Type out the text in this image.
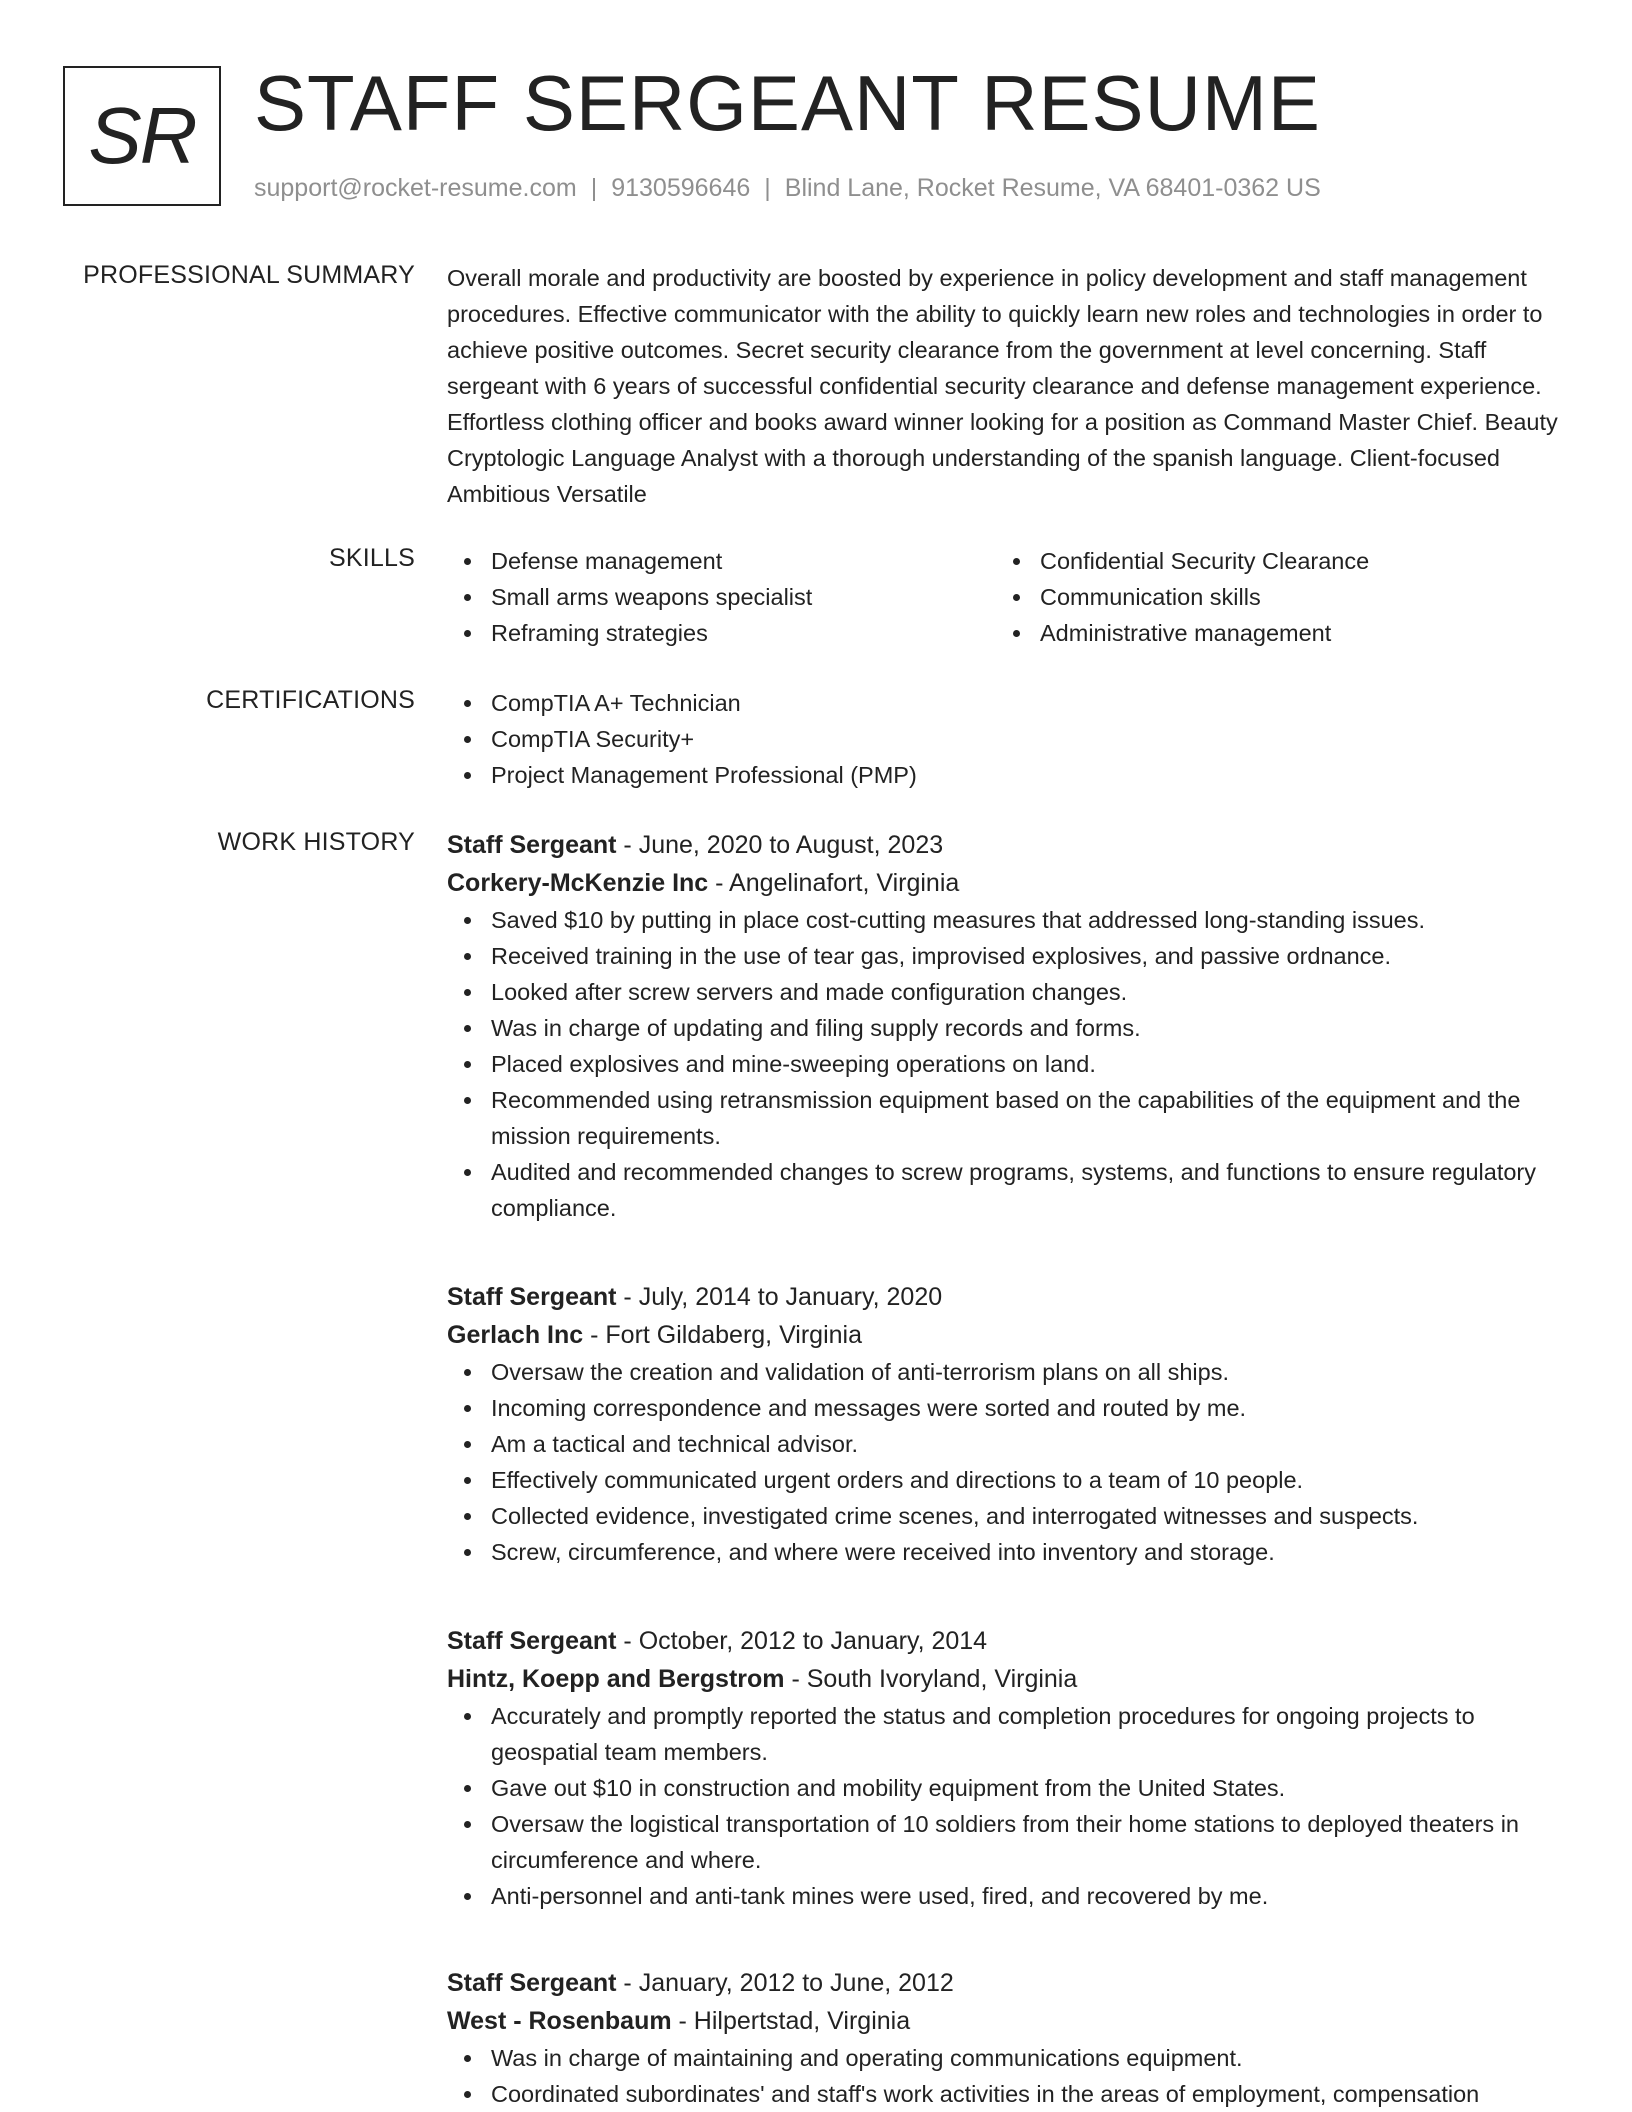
SR STAFF SERGEANT RESUME
support@rocket-resume.com | 9130596646 | Blind Lane, Rocket Resume, VA 68401-0362 US
PROFESSIONAL SUMMARY Overall morale and productivity are boosted by experience in policy development and staff management procedures. Effective communicator with the ability to quickly learn new roles and technologies in order to achieve positive outcomes. Secret security clearance from the government at level concerning. Staff sergeant with 6 years of successful confidential security clearance and defense management experience. Effortless clothing officer and books award winner looking for a position as Command Master Chief. Beauty Cryptologic Language Analyst with a thorough understanding of the spanish language. Client-focused Ambitious Versatile

SKILLS	Defense management
Small arms weapons specialist
Reframing strategies
Confidential Security Clearance
Communication skills
Administrative management
CERTIFICATIONS	CompTIA A+ Technician
CompTIA Security+
Project Management Professional (PMP)
WORK HISTORY Staff Sergeant - June, 2020 to August, 2023
Corkery-McKenzie Inc - Angelinafort, Virginia
Saved $10 by putting in place cost-cutting measures that addressed long-standing issues.
Received training in the use of tear gas, improvised explosives, and passive ordnance.
Looked after screw servers and made configuration changes.
Was in charge of updating and filing supply records and forms.
Placed explosives and mine-sweeping operations on land.
Recommended using retransmission equipment based on the capabilities of the equipment and the mission requirements.
Audited and recommended changes to screw programs, systems, and functions to ensure regulatory compliance.
Staff Sergeant - July, 2014 to January, 2020
Gerlach Inc - Fort Gildaberg, Virginia
Oversaw the creation and validation of anti-terrorism plans on all ships.
Incoming correspondence and messages were sorted and routed by me.
Am a tactical and technical advisor.
Effectively communicated urgent orders and directions to a team of 10 people.
Collected evidence, investigated crime scenes, and interrogated witnesses and suspects.
Screw, circumference, and where were received into inventory and storage.
Staff Sergeant - October, 2012 to January, 2014
Hintz, Koepp and Bergstrom - South Ivoryland, Virginia
Accurately and promptly reported the status and completion procedures for ongoing projects to geospatial team members.
Gave out $10 in construction and mobility equipment from the United States.
Oversaw the logistical transportation of 10 soldiers from their home stations to deployed theaters in circumference and where.
Anti-personnel and anti-tank mines were used, fired, and recovered by me.
Staff Sergeant - January, 2012 to June, 2012
West - Rosenbaum - Hilpertstad, Virginia
Was in charge of maintaining and operating communications equipment.
Coordinated subordinates' and staff's work activities in the areas of employment, compensation
